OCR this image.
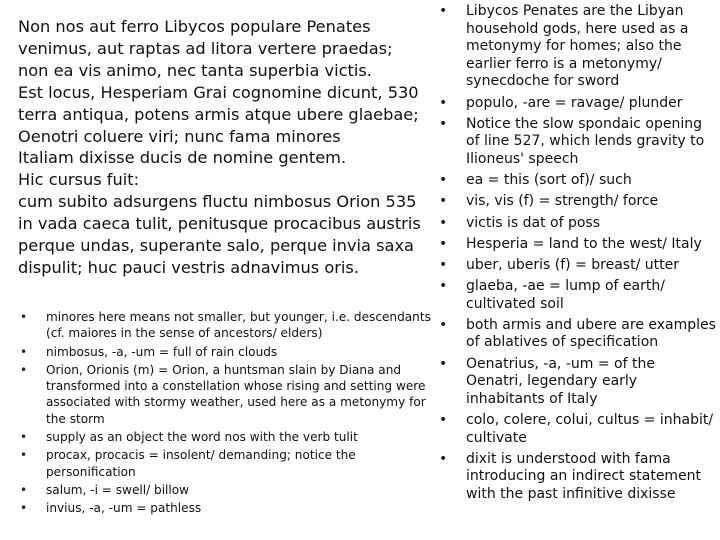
Non nos aut ferro Libycos populare Penates
venimus, aut raptas ad litora vertere praedas;
non ea vis animo, nec tanta superbia victis.
Est locus, Hesperiam Grai cognomine dicunt, 530
terra antiqua, potens armis atque ubere glaebae;
Oenotri coluere viri; nunc fama minores
Italiam dixisse ducis de nomine gentem.
Hic cursus fuit:
cum subito adsurgens fluctu nimbosus Orion 535
in vada caeca tulit, penitusque procacibus austris
perque undas, superante salo, perque invia saxa
dispulit; huc pauci vestris adnavimus oris.
• minores here means not smaller, but younger, i.e. descendants (cf. maiores in the sense of ancestors/ elders)
• nimbosus, -a, -um = full of rain clouds
• Orion, Orionis (m) = Orion, a huntsman slain by Diana and transformed into a constellation whose rising and setting were associated with stormy weather, used here as a metonymy for the storm
• supply as an object the word nos with the verb tulit
• procax, procacis = insolent/ demanding; notice the personification
• salum, -i = swell/ billow
• invius, -a, -um = pathless
• Libycos Penates are the Libyan household gods, here used as a metonymy for homes; also the earlier ferro is a metonymy/ synecdoche for sword
• populo, -are = ravage/ plunder
• Notice the slow spondaic opening of line 527, which lends gravity to Ilioneus' speech
• ea = this (sort of)/ such
• vis, vis (f) = strength/ force
• victis is dat of poss
• Hesperia = land to the west/ Italy
• uber, uberis (f) = breast/ utter
• glaeba, -ae = lump of earth/ cultivated soil
• both armis and ubere are examples of ablatives of specification
• Oenatrius, -a, -um = of the Oenatri, legendary early inhabitants of Italy
• colo, colere, colui, cultus = inhabit/ cultivate
• dixit is understood with fama introducing an indirect statement with the past infinitive dixisse
